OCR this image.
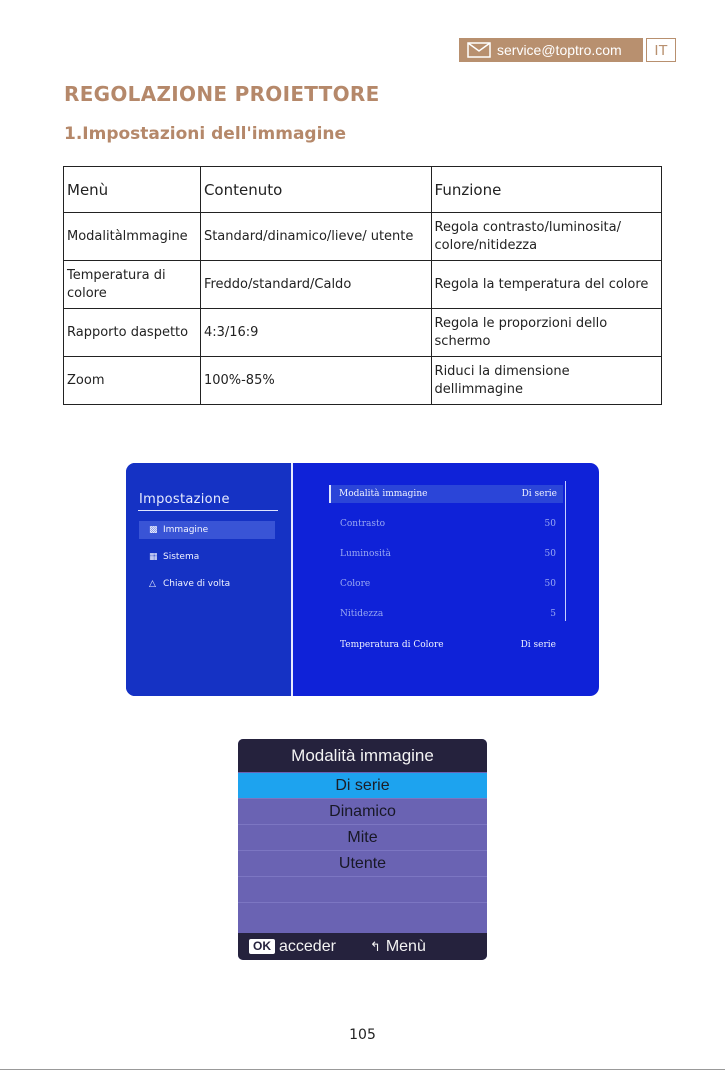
service@toptro.com	IT
REGOLAZIONE PROIETTORE
1.Impostazioni dell'immagine
Menù	Contenuto	Funzione
Modalitàlmmagine	Standard/dinamico/lieve/ utente	Regola contrasto/luminosita/ colore/nitidezza
Temperatura di colore	Freddo/standard/Caldo	Regola la temperatura del colore
Rapporto daspetto	4:3/16:9	Regola le proporzioni dello schermo
Zoom	100%-85%	Riduci la dimensione dellimmagine
Impostazione
▩ Immagine
▦ Sistema
△ Chiave di volta
Modalità immagine	Di serie
Contrasto	50
Luminosità	50
Colore	50
Nitidezza	5
Temperatura di Colore	Di serie
Modalità immagine
Di serie
Dinamico
Mite
Utente
OK acceder	↰ Menù
105
